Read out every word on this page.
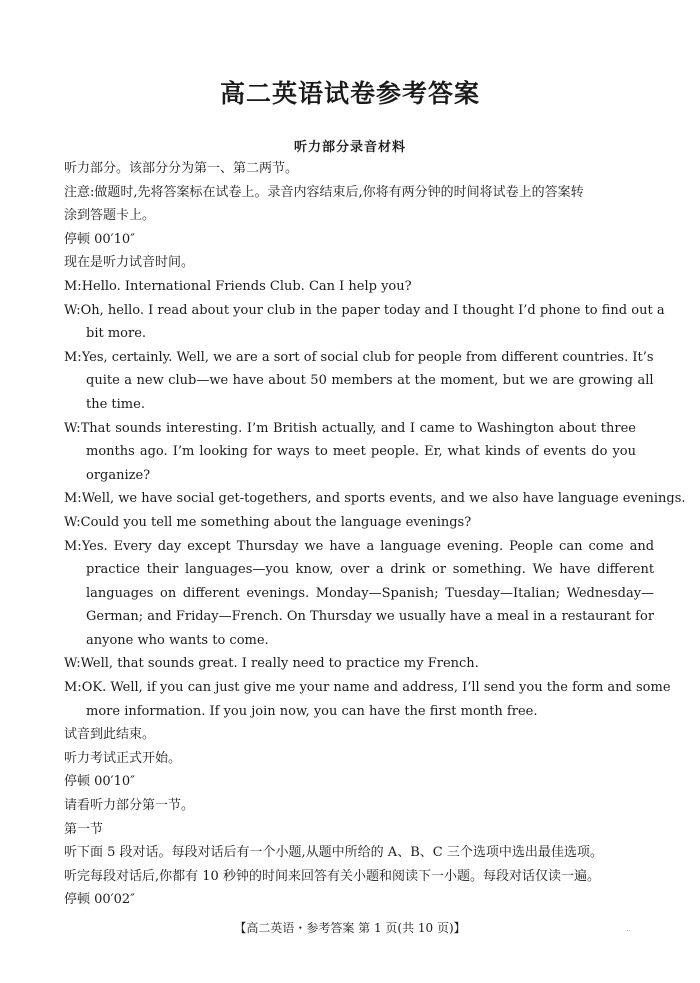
高二英语试卷参考答案
听力部分录音材料

听力部分。该部分分为第一、第二两节。

注意:做题时,先将答案标在试卷上。录音内容结束后,你将有两分钟的时间将试卷上的答案转

涂到答题卡上。

停顿 00′10″

现在是听力试音时间。

M: Hello. International Friends Club. Can I help you?

W: Oh, hello. I read about your club in the paper today and I thought I’d phone to find out a

bit more.

M: Yes, certainly. Well, we are a sort of social club for people from different countries. It’s

quite a new club—we have about 50 members at the moment, but we are growing all

the time.

W: That sounds interesting. I’m British actually, and I came to Washington about three

months ago. I’m looking for ways to meet people. Er, what kinds of events do you

organize?

M: Well, we have social get-togethers, and sports events, and we also have language evenings.

W: Could you tell me something about the language evenings?

M: Yes. Every day except Thursday we have a language evening. People can come and

practice their languages—you know, over a drink or something. We have different

languages on different evenings. Monday—Spanish; Tuesday—Italian; Wednesday—

German; and Friday—French. On Thursday we usually have a meal in a restaurant for

anyone who wants to come.

W: Well, that sounds great. I really need to practice my French.

M: OK. Well, if you can just give me your name and address, I’ll send you the form and some

more information. If you join now, you can have the first month free.

试音到此结束。

听力考试正式开始。

停顿 00′10″

请看听力部分第一节。

第一节

听下面 5 段对话。每段对话后有一个小题,从题中所给的 A、B、C 三个选项中选出最佳选项。

听完每段对话后,你都有 10 秒钟的时间来回答有关小题和阅读下一小题。每段对话仅读一遍。

停顿 00′02″

【高二英语・参考答案 第 1 页(共 10 页)】	..
